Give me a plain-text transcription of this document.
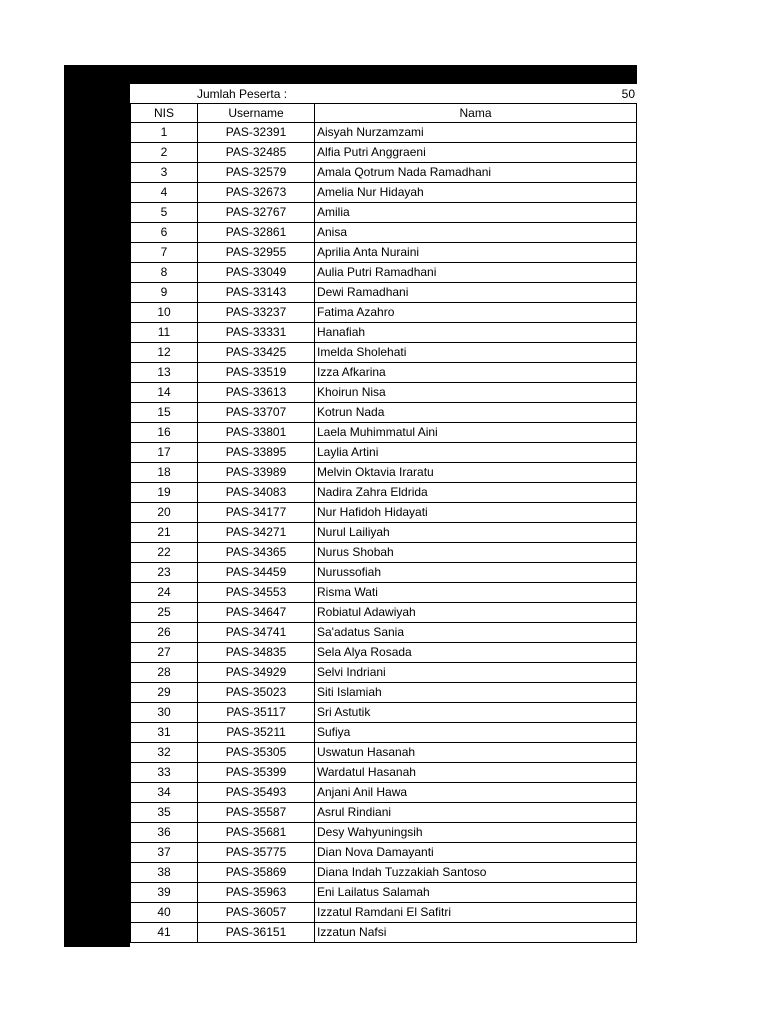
Jumlah Peserta :	50
NIS	Username	Nama
1	PAS-32391	Aisyah Nurzamzami
2	PAS-32485	Alfia Putri Anggraeni
3	PAS-32579	Amala Qotrum Nada Ramadhani
4	PAS-32673	Amelia Nur Hidayah
5	PAS-32767	Amilia
6	PAS-32861	Anisa
7	PAS-32955	Aprilia Anta Nuraini
8	PAS-33049	Aulia Putri Ramadhani
9	PAS-33143	Dewi Ramadhani
10	PAS-33237	Fatima Azahro
11	PAS-33331	Hanafiah
12	PAS-33425	Imelda Sholehati
13	PAS-33519	Izza Afkarina
14	PAS-33613	Khoirun Nisa
15	PAS-33707	Kotrun Nada
16	PAS-33801	Laela Muhimmatul Aini
17	PAS-33895	Laylia Artini
18	PAS-33989	Melvin Oktavia Iraratu
19	PAS-34083	Nadira Zahra Eldrida
20	PAS-34177	Nur Hafidoh Hidayati
21	PAS-34271	Nurul Lailiyah
22	PAS-34365	Nurus Shobah
23	PAS-34459	Nurussofiah
24	PAS-34553	Risma Wati
25	PAS-34647	Robiatul Adawiyah
26	PAS-34741	Sa'adatus Sania
27	PAS-34835	Sela Alya Rosada
28	PAS-34929	Selvi Indriani
29	PAS-35023	Siti Islamiah
30	PAS-35117	Sri Astutik
31	PAS-35211	Sufiya
32	PAS-35305	Uswatun Hasanah
33	PAS-35399	Wardatul Hasanah
34	PAS-35493	Anjani Anil Hawa
35	PAS-35587	Asrul Rindiani
36	PAS-35681	Desy Wahyuningsih
37	PAS-35775	Dian Nova Damayanti
38	PAS-35869	Diana Indah Tuzzakiah Santoso
39	PAS-35963	Eni Lailatus Salamah
40	PAS-36057	Izzatul Ramdani El Safitri
41	PAS-36151	Izzatun Nafsi
